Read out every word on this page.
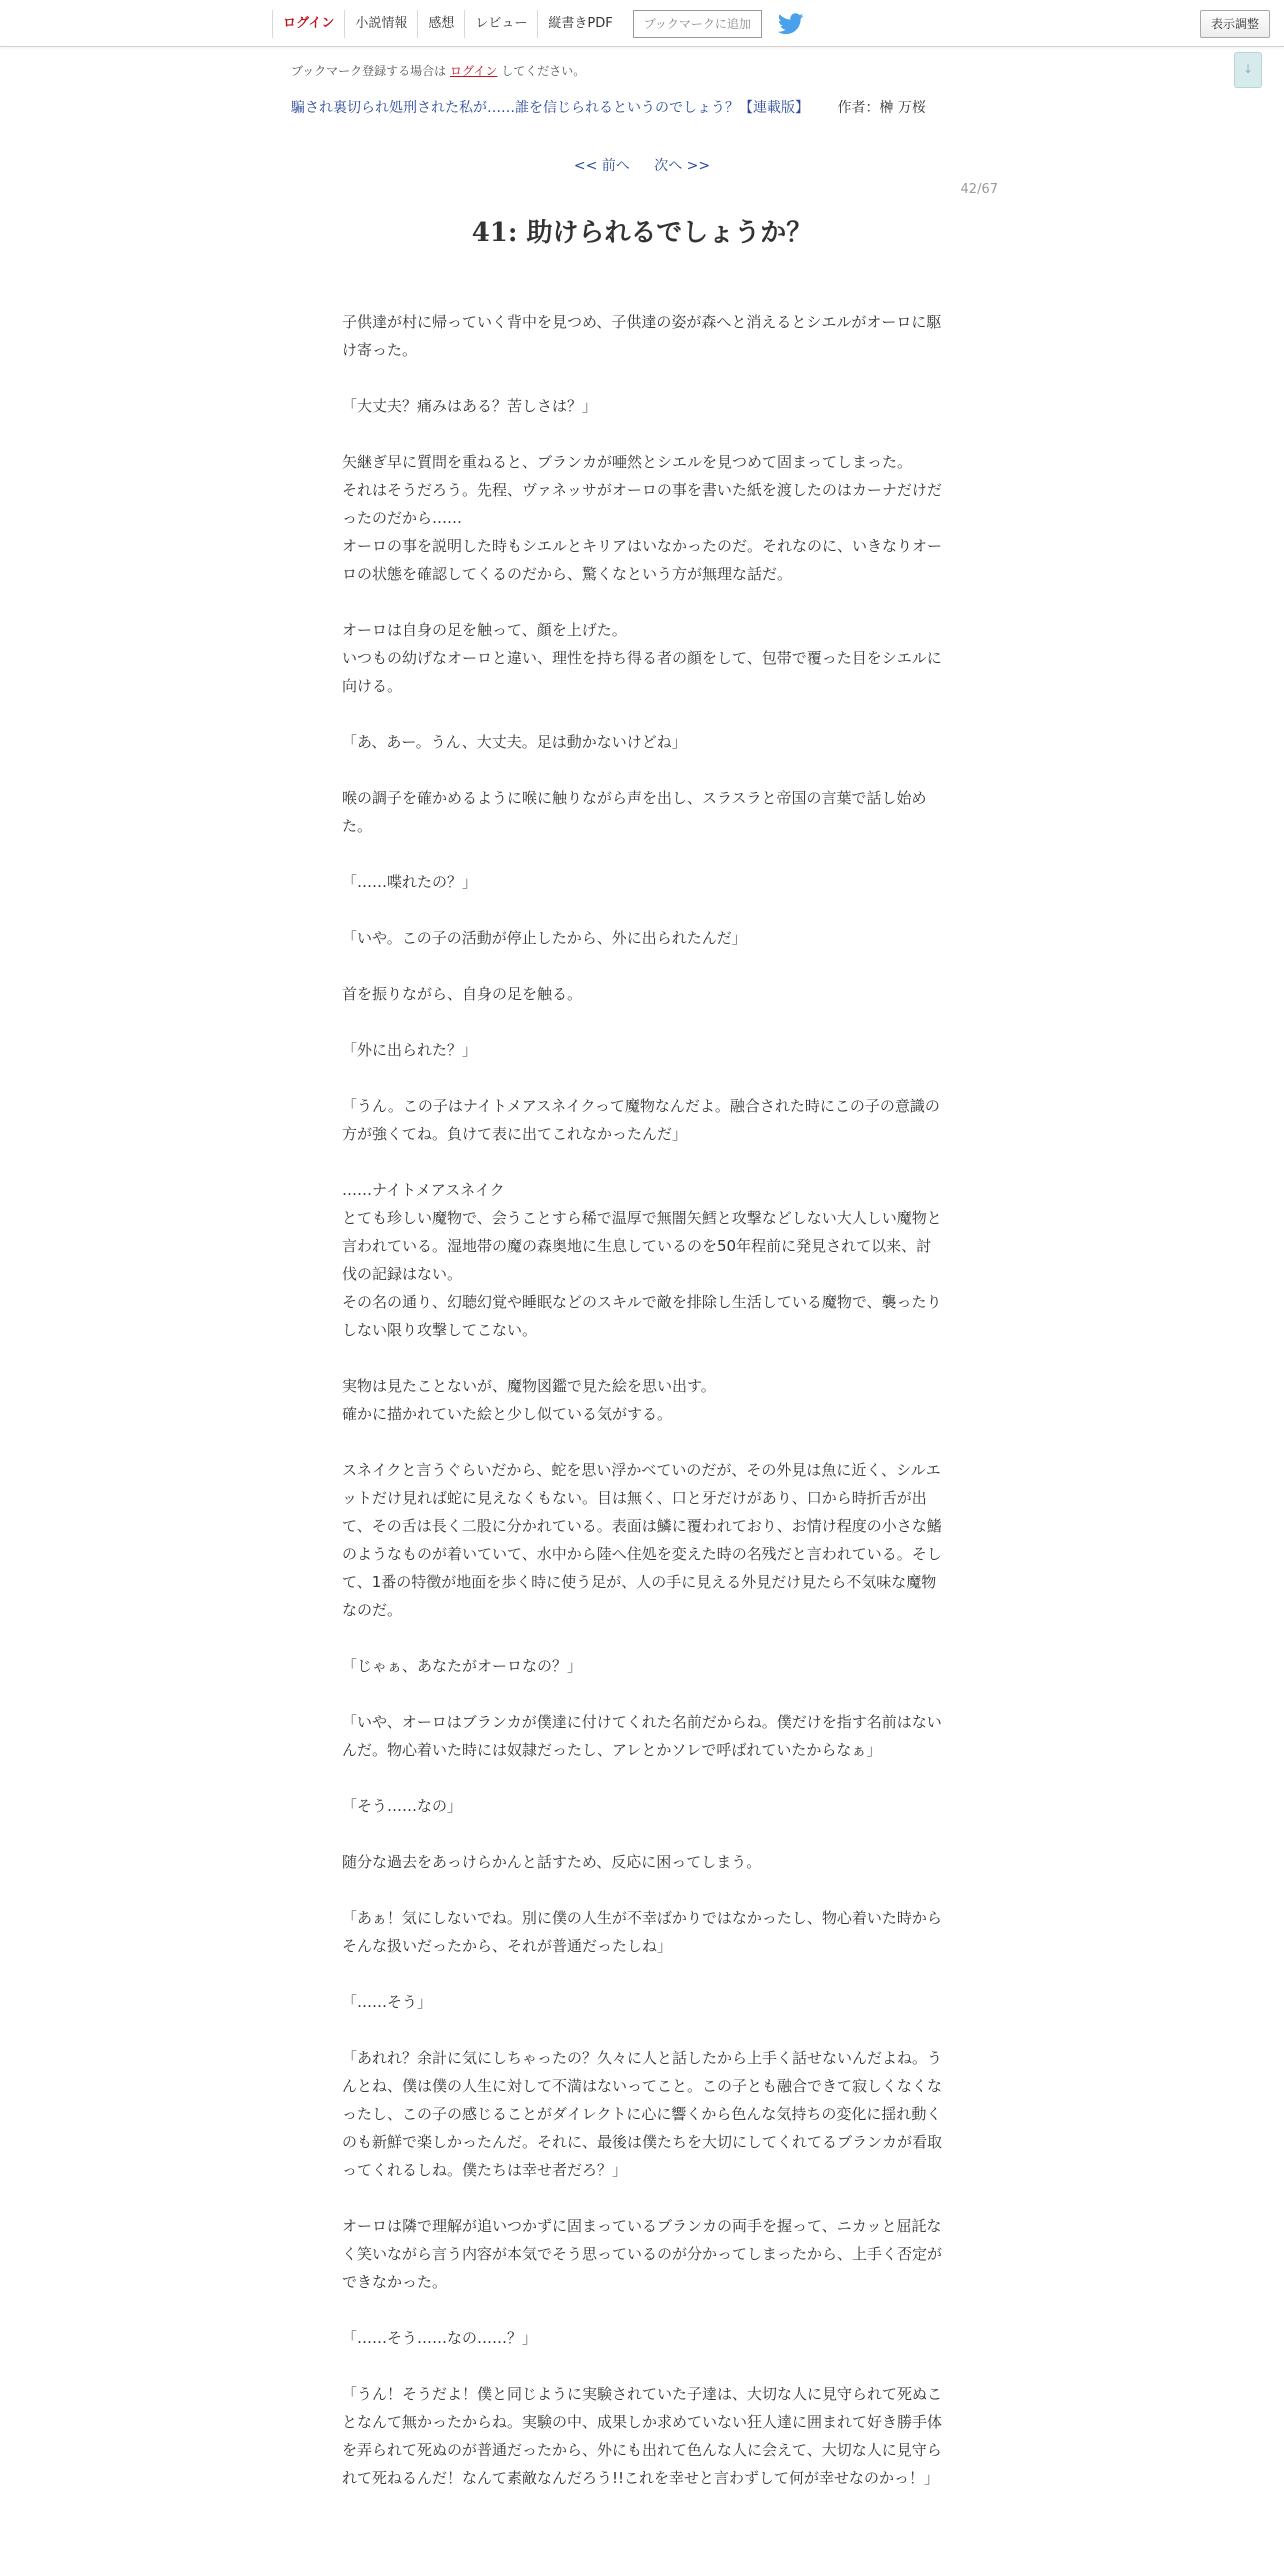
ログイン	小説情報	感想	レビュー	縦書きPDF	ブックマークに追加	表示調整
↓
ブックマーク登録する場合は ログイン してください。
騙され裏切られ処刑された私が……誰を信じられるというのでしょう？【連載版】 作者：榊 万桜
<< 前へ 次へ >>
42/67
41: 助けられるでしょうか？

子供達が村に帰っていく背中を見つめ、子供達の姿が森へと消えるとシエルがオーロに駆け寄った。

「大丈夫？痛みはある？苦しさは？」

矢継ぎ早に質問を重ねると、ブランカが唖然とシエルを見つめて固まってしまった。
それはそうだろう。先程、ヴァネッサがオーロの事を書いた紙を渡したのはカーナだけだったのだから……
オーロの事を説明した時もシエルとキリアはいなかったのだ。それなのに、いきなりオーロの状態を確認してくるのだから、驚くなという方が無理な話だ。

オーロは自身の足を触って、顔を上げた。
いつもの幼げなオーロと違い、理性を持ち得る者の顔をして、包帯で覆った目をシエルに向ける。

「あ、あー。うん、大丈夫。足は動かないけどね」

喉の調子を確かめるように喉に触りながら声を出し、スラスラと帝国の言葉で話し始めた。

「……喋れたの？」

「いや。この子の活動が停止したから、外に出られたんだ」

首を振りながら、自身の足を触る。

「外に出られた？」

「うん。この子はナイトメアスネイクって魔物なんだよ。融合された時にこの子の意識の方が強くてね。負けて表に出てこれなかったんだ」

……ナイトメアスネイク
とても珍しい魔物で、会うことすら稀で温厚で無闇矢鱈と攻撃などしない大人しい魔物と言われている。湿地帯の魔の森奥地に生息しているのを50年程前に発見されて以来、討伐の記録はない。
その名の通り、幻聴幻覚や睡眠などのスキルで敵を排除し生活している魔物で、襲ったりしない限り攻撃してこない。

実物は見たことないが、魔物図鑑で見た絵を思い出す。
確かに描かれていた絵と少し似ている気がする。

スネイクと言うぐらいだから、蛇を思い浮かべていのだが、その外見は魚に近く、シルエットだけ見れば蛇に見えなくもない。目は無く、口と牙だけがあり、口から時折舌が出て、その舌は長く二股に分かれている。表面は鱗に覆われており、お情け程度の小さな鰭のようなものが着いていて、水中から陸へ住処を変えた時の名残だと言われている。そして、1番の特徴が地面を歩く時に使う足が、人の手に見える外見だけ見たら不気味な魔物なのだ。

「じゃぁ、あなたがオーロなの？」

「いや、オーロはブランカが僕達に付けてくれた名前だからね。僕だけを指す名前はないんだ。物心着いた時には奴隷だったし、アレとかソレで呼ばれていたからなぁ」

「そう……なの」

随分な過去をあっけらかんと話すため、反応に困ってしまう。

「あぁ！気にしないでね。別に僕の人生が不幸ばかりではなかったし、物心着いた時からそんな扱いだったから、それが普通だったしね」

「……そう」

「あれれ？余計に気にしちゃったの？久々に人と話したから上手く話せないんだよね。うんとね、僕は僕の人生に対して不満はないってこと。この子とも融合できて寂しくなくなったし、この子の感じることがダイレクトに心に響くから色んな気持ちの変化に揺れ動くのも新鮮で楽しかったんだ。それに、最後は僕たちを大切にしてくれてるブランカが看取ってくれるしね。僕たちは幸せ者だろ？」

オーロは隣で理解が追いつかずに固まっているブランカの両手を握って、ニカッと屈託なく笑いながら言う内容が本気でそう思っているのが分かってしまったから、上手く否定ができなかった。

「……そう……なの……？」

「うん！そうだよ！僕と同じように実験されていた子達は、大切な人に見守られて死ぬことなんて無かったからね。実験の中、成果しか求めていない狂人達に囲まれて好き勝手体を弄られて死ぬのが普通だったから、外にも出れて色んな人に会えて、大切な人に見守られて死ねるんだ！なんて素敵なんだろう!!これを幸せと言わずして何が幸せなのかっ！」
